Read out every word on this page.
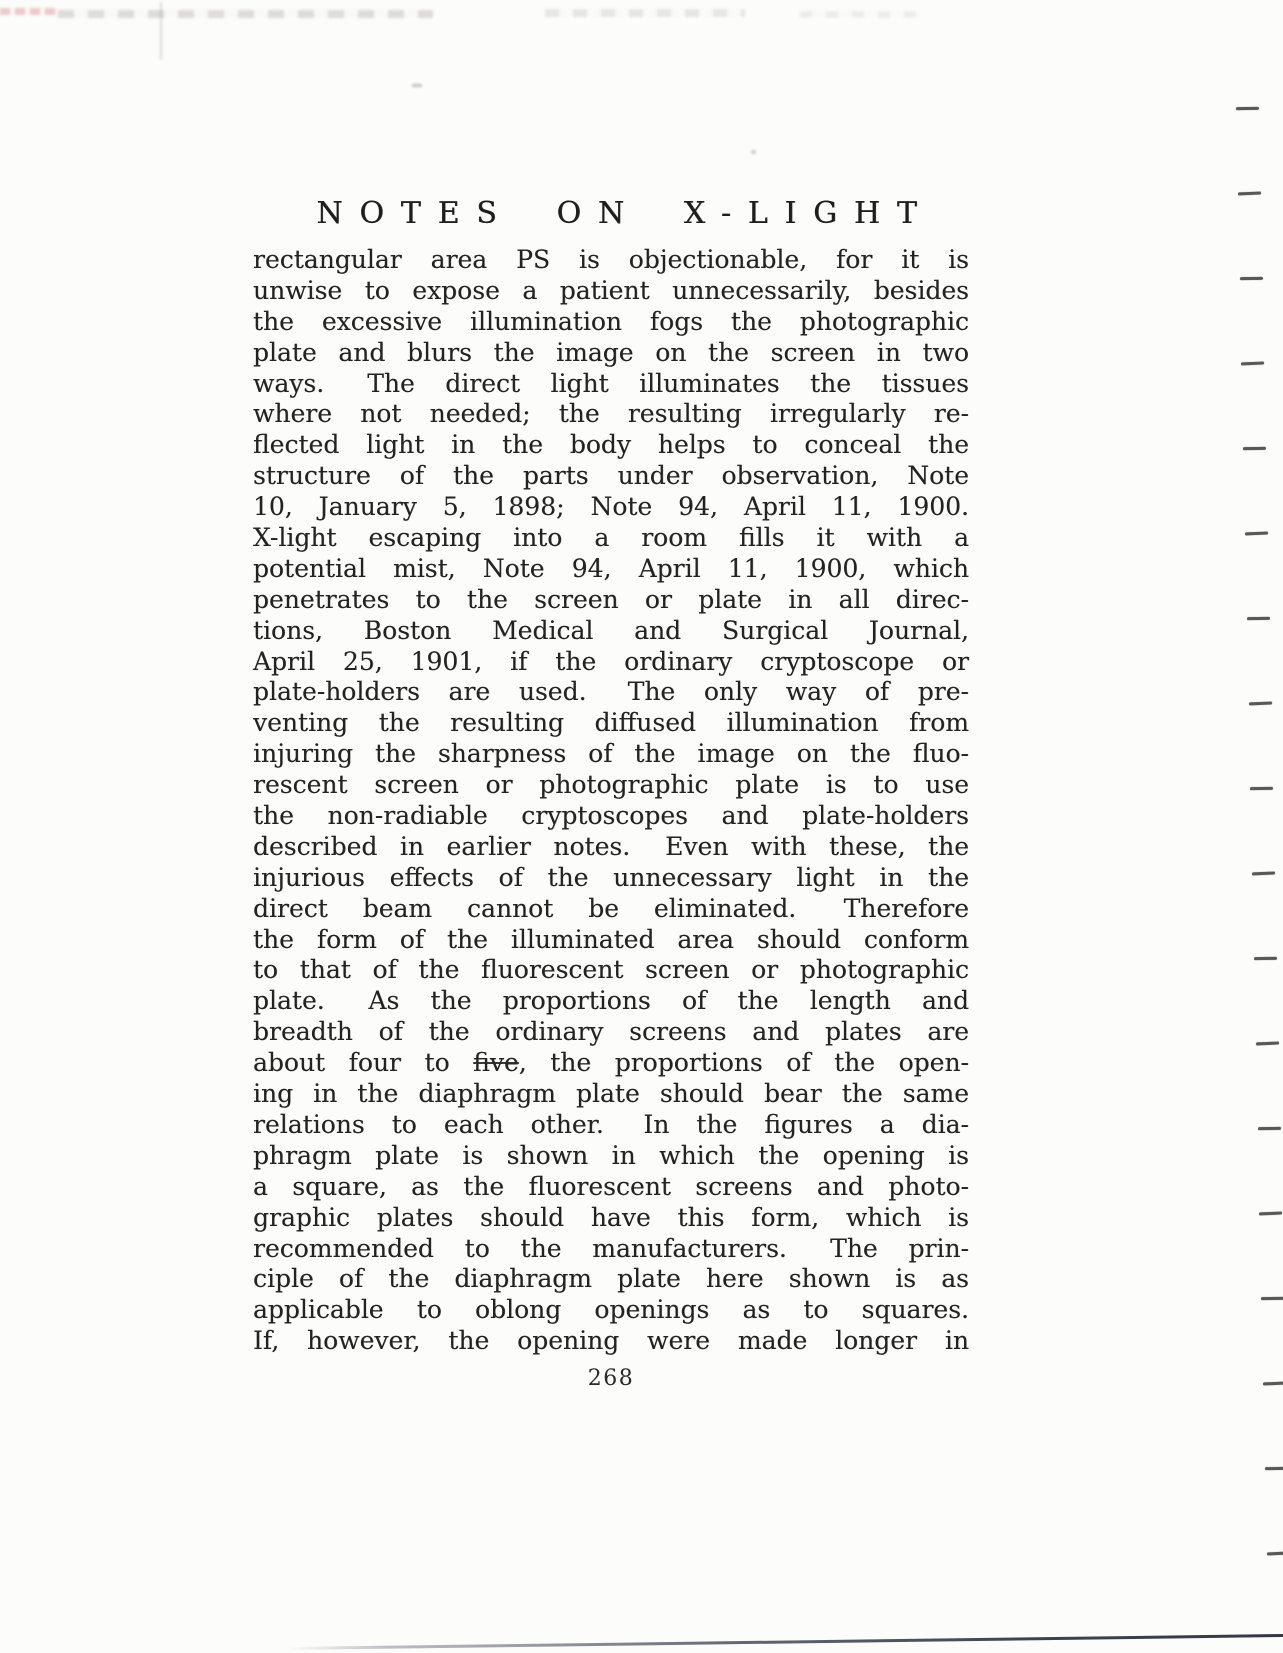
NOTES ON X-LIGHT
rectangular area PS is objectionable, for it is
unwise to expose a patient unnecessarily, besides
the excessive illumination fogs the photographic
plate and blurs the image on the screen in two
ways.  The direct light illuminates the tissues
where not needed; the resulting irregularly re-
flected light in the body helps to conceal the
structure of the parts under observation, Note
10, January 5, 1898; Note 94, April 11, 1900.
X-light escaping into a room fills it with a
potential mist, Note 94, April 11, 1900, which
penetrates to the screen or plate in all direc-
tions, Boston Medical and Surgical Journal,
April 25, 1901, if the ordinary cryptoscope or
plate-holders are used.  The only way of pre-
venting the resulting diffused illumination from
injuring the sharpness of the image on the fluo-
rescent screen or photographic plate is to use
the non-radiable cryptoscopes and plate-holders
described in earlier notes.  Even with these, the
injurious effects of the unnecessary light in the
direct beam cannot be eliminated.  Therefore
the form of the illuminated area should conform
to that of the fluorescent screen or photographic
plate.  As the proportions of the length and
breadth of the ordinary screens and plates are
about four to five, the proportions of the open-
ing in the diaphragm plate should bear the same
relations to each other.  In the figures a dia-
phragm plate is shown in which the opening is
a square, as the fluorescent screens and photo-
graphic plates should have this form, which is
recommended to the manufacturers.  The prin-
ciple of the diaphragm plate here shown is as
applicable to oblong openings as to squares.
If, however, the opening were made longer in
268
